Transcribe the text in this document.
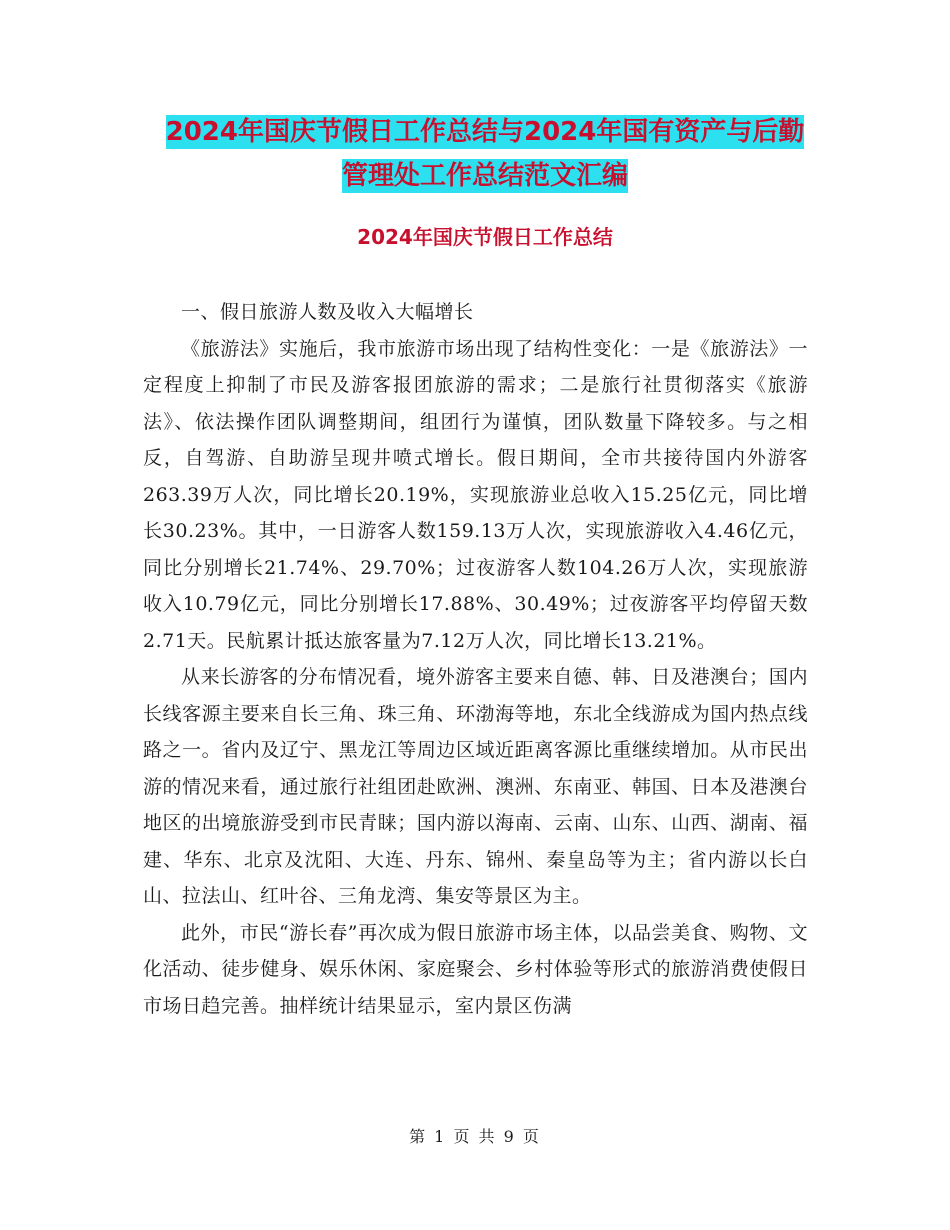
2024年国庆节假日工作总结与2024年国有资产与后勤
管理处工作总结范文汇编
2024年国庆节假日工作总结

一、假日旅游人数及收入大幅增长

《旅游法》实施后，我市旅游市场出现了结构性变化：一是《旅游法》一定程度上抑制了市民及游客报团旅游的需求；二是旅行社贯彻落实《旅游法》、依法操作团队调整期间，组团行为谨慎，团队数量下降较多。与之相反，自驾游、自助游呈现井喷式增长。假日期间，全市共接待国内外游客263.39万人次，同比增长20.19%，实现旅游业总收入15.25亿元，同比增长30.23%。其中，一日游客人数159.13万人次，实现旅游收入4.46亿元，同比分别增长21.74%、29.70%；过夜游客人数104.26万人次，实现旅游收入10.79亿元，同比分别增长17.88%、30.49%；过夜游客平均停留天数2.71天。民航累计抵达旅客量为7.12万人次，同比增长13.21%。

从来长游客的分布情况看，境外游客主要来自德、韩、日及港澳台；国内长线客源主要来自长三角、珠三角、环渤海等地，东北全线游成为国内热点线路之一。省内及辽宁、黑龙江等周边区域近距离客源比重继续增加。从市民出游的情况来看，通过旅行社组团赴欧洲、澳洲、东南亚、韩国、日本及港澳台地区的出境旅游受到市民青睐；国内游以海南、云南、山东、山西、湖南、福建、华东、北京及沈阳、大连、丹东、锦州、秦皇岛等为主；省内游以长白山、拉法山、红叶谷、三角龙湾、集安等景区为主。

此外，市民“游长春”再次成为假日旅游市场主体，以品尝美食、购物、文化活动、徒步健身、娱乐休闲、家庭聚会、乡村体验等形式的旅游消费使假日市场日趋完善。抽样统计结果显示，室内景区伤满

第 1 页 共 9 页
